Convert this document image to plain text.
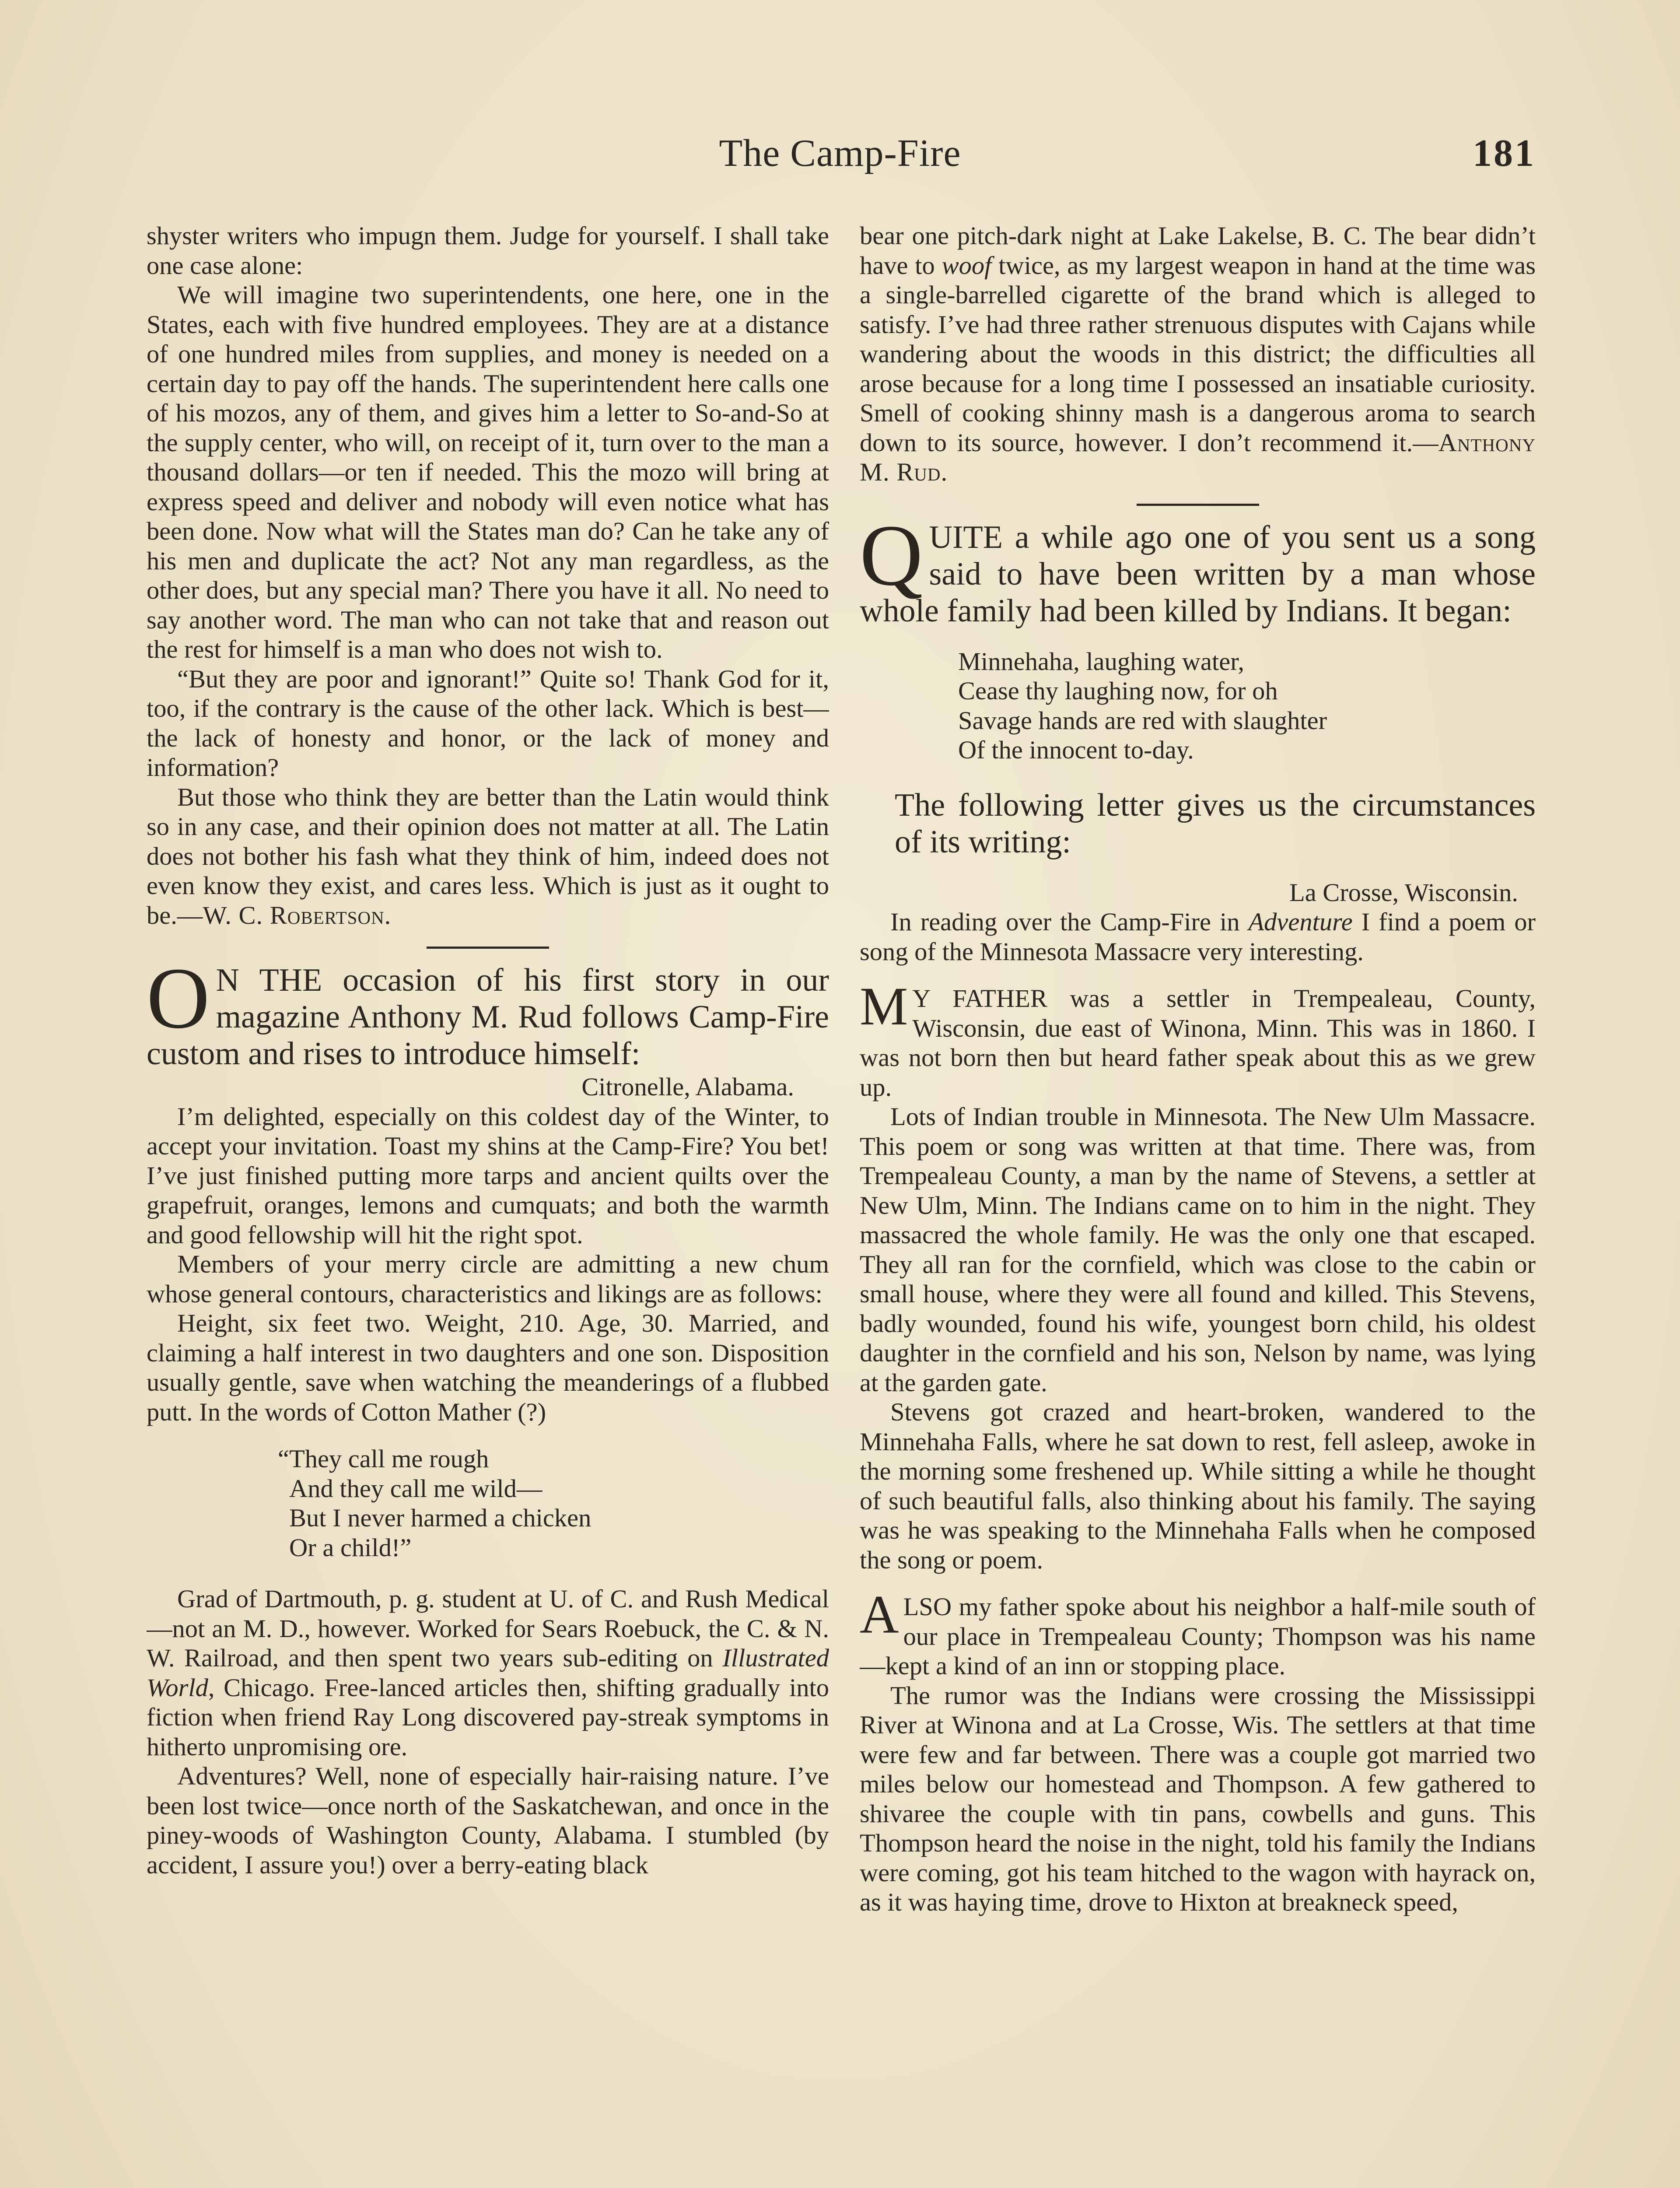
The Camp-Fire	181

shyster writers who impugn them. Judge for yourself. I shall take one case alone:

We will imagine two superintendents, one here, one in the States, each with five hundred employees. They are at a distance of one hundred miles from supplies, and money is needed on a certain day to pay off the hands. The superintendent here calls one of his mozos, any of them, and gives him a letter to So-and-So at the supply center, who will, on receipt of it, turn over to the man a thousand dollars—or ten if needed. This the mozo will bring at express speed and deliver and nobody will even notice what has been done. Now what will the States man do? Can he take any of his men and duplicate the act? Not any man regardless, as the other does, but any special man? There you have it all. No need to say another word. The man who can not take that and reason out the rest for himself is a man who does not wish to.

“But they are poor and ignorant!” Quite so! Thank God for it, too, if the contrary is the cause of the other lack. Which is best—the lack of honesty and honor, or the lack of money and information?

But those who think they are better than the Latin would think so in any case, and their opinion does not matter at all. The Latin does not bother his fash what they think of him, indeed does not even know they exist, and cares less. Which is just as it ought to be.—W. C. Robertson.

O N THE occasion of his first story in our magazine Anthony M. Rud follows Camp-Fire custom and rises to introduce himself:

Citronelle, Alabama.

I’m delighted, especially on this coldest day of the Winter, to accept your invitation. Toast my shins at the Camp-Fire? You bet! I’ve just finished putting more tarps and ancient quilts over the grapefruit, oranges, lemons and cumquats; and both the warmth and good fellowship will hit the right spot.

Members of your merry circle are admitting a new chum whose general contours, characteristics and likings are as follows:

Height, six feet two. Weight, 210. Age, 30. Married, and claiming a half interest in two daughters and one son. Disposition usually gentle, save when watching the meanderings of a flubbed putt. In the words of Cotton Mather (?)

“They call me rough
And they call me wild—
But I never harmed a chicken
Or a child!”

Grad of Dartmouth, p. g. student at U. of C. and Rush Medical—not an M. D., however. Worked for Sears Roebuck, the C. & N. W. Railroad, and then spent two years sub-editing on Illustrated World, Chicago. Free-lanced articles then, shifting gradually into fiction when friend Ray Long discovered pay-streak symptoms in hitherto unpromising ore.

Adventures? Well, none of especially hair-raising nature. I’ve been lost twice—once north of the Saskatchewan, and once in the piney-woods of Washington County, Alabama. I stumbled (by accident, I assure you!) over a berry-eating black

bear one pitch-dark night at Lake Lakelse, B. C. The bear didn’t have to woof twice, as my largest weapon in hand at the time was a single-barrelled cigarette of the brand which is alleged to satisfy. I’ve had three rather strenuous disputes with Cajans while wandering about the woods in this district; the difficulties all arose because for a long time I possessed an insatiable curiosity. Smell of cooking shinny mash is a dangerous aroma to search down to its source, however. I don’t recommend it.—Anthony M. Rud.

QUITE a while ago one of you sent us a song said to have been written by a man whose whole family had been killed by Indians. It began:

Minnehaha, laughing water,
Cease thy laughing now, for oh
Savage hands are red with slaughter
Of the innocent to-day.

The following letter gives us the circumstances of its writing:

La Crosse, Wisconsin.

In reading over the Camp-Fire in Adventure I find a poem or song of the Minnesota Massacre very interesting.

M Y FATHER was a settler in Trempealeau, County, Wisconsin, due east of Winona, Minn. This was in 1860. I was not born then but heard father speak about this as we grew up.

Lots of Indian trouble in Minnesota. The New Ulm Massacre. This poem or song was written at that time. There was, from Trempealeau County, a man by the name of Stevens, a settler at New Ulm, Minn. The Indians came on to him in the night. They massacred the whole family. He was the only one that escaped. They all ran for the cornfield, which was close to the cabin or small house, where they were all found and killed. This Stevens, badly wounded, found his wife, youngest born child, his oldest daughter in the cornfield and his son, Nelson by name, was lying at the garden gate.

Stevens got crazed and heart-broken, wandered to the Minnehaha Falls, where he sat down to rest, fell asleep, awoke in the morning some freshened up. While sitting a while he thought of such beautiful falls, also thinking about his family. The saying was he was speaking to the Minnehaha Falls when he composed the song or poem.

ALSO my father spoke about his neighbor a half-mile south of our place in Trempealeau County; Thompson was his name—kept a kind of an inn or stopping place.

The rumor was the Indians were crossing the Mississippi River at Winona and at La Crosse, Wis. The settlers at that time were few and far between. There was a couple got married two miles below our homestead and Thompson. A few gathered to shivaree the couple with tin pans, cowbells and guns. This Thompson heard the noise in the night, told his family the Indians were coming, got his team hitched to the wagon with hayrack on, as it was haying time, drove to Hixton at breakneck speed,
